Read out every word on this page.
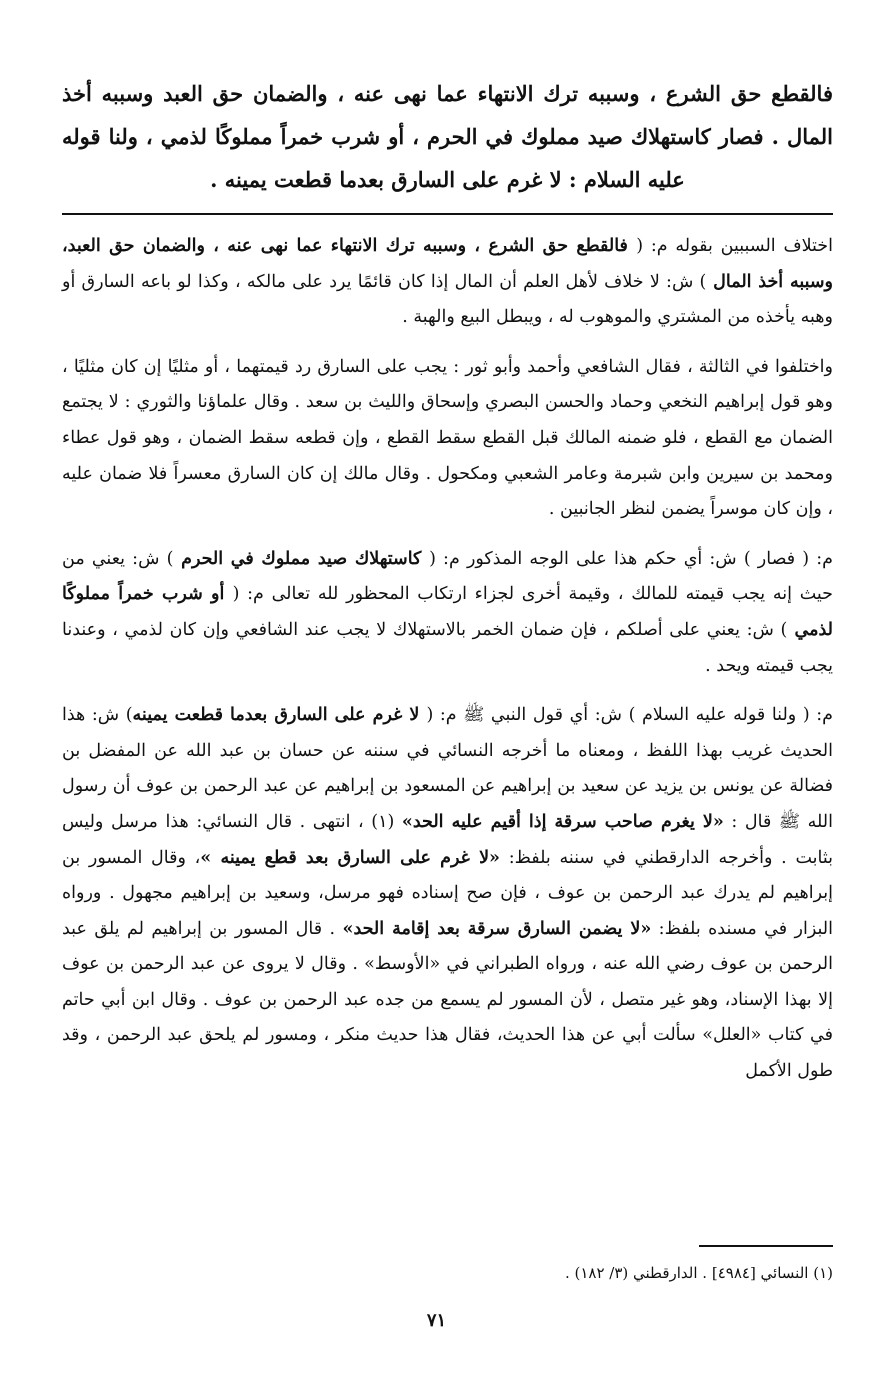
فالقطع حق الشرع ، وسببه ترك الانتهاء عما نهى عنه ، والضمان حق العبد وسببه أخذ المال . فصار كاستهلاك صيد مملوك في الحرم ، أو شرب خمراً مملوكًا لذمي ، ولنا قوله عليه السلام : لا غرم على السارق بعدما قطعت يمينه .

اختلاف السببين بقوله م: ( فالقطع حق الشرع ، وسببه ترك الانتهاء عما نهى عنه ، والضمان حق العبد، وسببه أخذ المال ) ش: لا خلاف لأهل العلم أن المال إذا كان قائمًا يرد على مالكه ، وكذا لو باعه السارق أو وهبه يأخذه من المشتري والموهوب له ، ويبطل البيع والهبة .

واختلفوا في الثالثة ، فقال الشافعي وأحمد وأبو ثور : يجب على السارق رد قيمتهما ، أو مثليًا إن كان مثليًا ، وهو قول إبراهيم النخعي وحماد والحسن البصري وإسحاق والليث بن سعد . وقال علماؤنا والثوري : لا يجتمع الضمان مع القطع ، فلو ضمنه المالك قبل القطع سقط القطع ، وإن قطعه سقط الضمان ، وهو قول عطاء ومحمد بن سيرين وابن شبرمة وعامر الشعبي ومكحول . وقال مالك إن كان السارق معسراً فلا ضمان عليه ، وإن كان موسراً يضمن لنظر الجانبين .

م: ( فصار ) ش: أي حكم هذا على الوجه المذكور م: ( كاستهلاك صيد مملوك في الحرم ) ش: يعني من حيث إنه يجب قيمته للمالك ، وقيمة أخرى لجزاء ارتكاب المحظور لله تعالى م: ( أو شرب خمراً مملوكًا لذمي ) ش: يعني على أصلكم ، فإن ضمان الخمر بالاستهلاك لا يجب عند الشافعي وإن كان لذمي ، وعندنا يجب قيمته ويحد .

م: ( ولنا قوله عليه السلام ) ش: أي قول النبي ﷺ م: ( لا غرم على السارق بعدما قطعت يمينه) ش: هذا الحديث غريب بهذا اللفظ ، ومعناه ما أخرجه النسائي في سننه عن حسان بن عبد الله عن المفضل بن فضالة عن يونس بن يزيد عن سعيد بن إبراهيم عن المسعود بن إبراهيم عن عبد الرحمن بن عوف أن رسول الله ﷺ قال : «لا يغرم صاحب سرقة إذا أقيم عليه الحد» (١) ، انتهى . قال النسائي: هذا مرسل وليس بثابت . وأخرجه الدارقطني في سننه بلفظ: «لا غرم على السارق بعد قطع يمينه »، وقال المسور بن إبراهيم لم يدرك عبد الرحمن بن عوف ، فإن صح إسناده فهو مرسل، وسعيد بن إبراهيم مجهول . ورواه البزار في مسنده بلفظ: «لا يضمن السارق سرقة بعد إقامة الحد» . قال المسور بن إبراهيم لم يلق عبد الرحمن بن عوف رضي الله عنه ، ورواه الطبراني في «الأوسط» . وقال لا يروى عن عبد الرحمن بن عوف إلا بهذا الإسناد، وهو غير متصل ، لأن المسور لم يسمع من جده عبد الرحمن بن عوف . وقال ابن أبي حاتم في كتاب «العلل» سألت أبي عن هذا الحديث، فقال هذا حديث منكر ، ومسور لم يلحق عبد الرحمن ، وقد طول الأكمل

(١) النسائي [٤٩٨٤] . الدارقطني (٣/ ١٨٢) .

٧١
